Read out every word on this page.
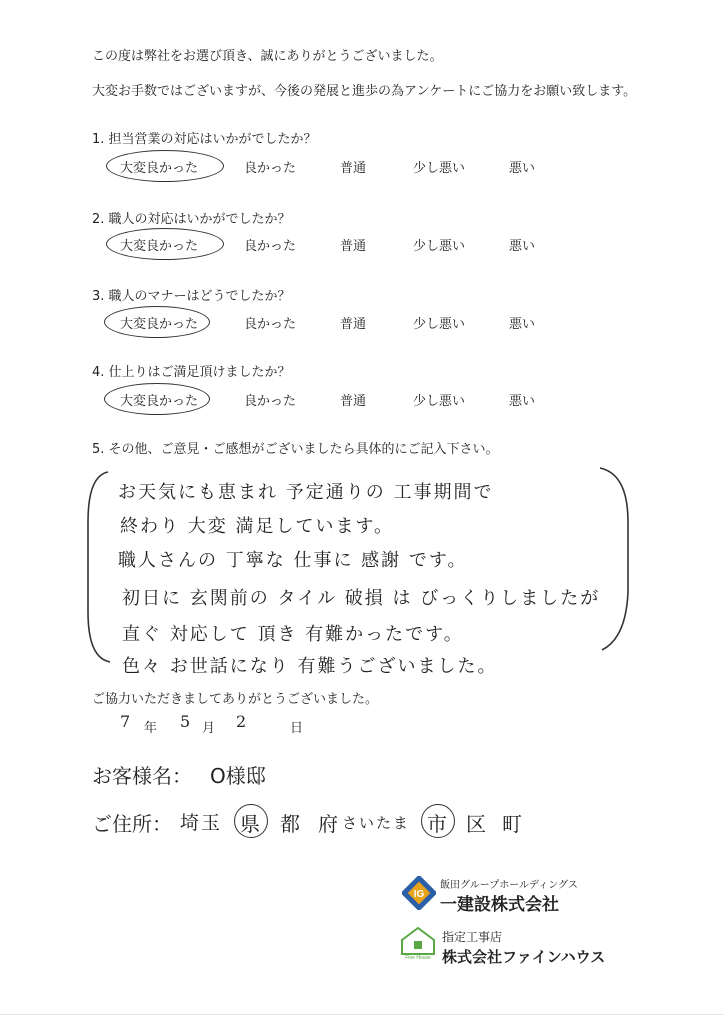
この度は弊社をお選び頂き、誠にありがとうございました。
大変お手数ではございますが、今後の発展と進歩の為アンケートにご協力をお願い致します。
1. 担当営業の対応はいかがでしたか？
大変良かった	良かった	普通	少し悪い	悪い
2. 職人の対応はいかがでしたか？
大変良かった	良かった	普通	少し悪い	悪い
3. 職人のマナーはどうでしたか？
大変良かった	良かった	普通	少し悪い	悪い
4. 仕上りはご満足頂けましたか？
大変良かった	良かった	普通	少し悪い	悪い
5. その他、ご意見・ご感想がございましたら具体的にご記入下さい。
お天気にも恵まれ 予定通りの 工事期間で
終わり 大変 満足しています。
職人さんの 丁寧な 仕事に 感謝 です。
初日に 玄関前の タイル 破損 は びっくりしましたが
直ぐ 対応して 頂き 有難かったです。
色々 お世話になり 有難うございました。
ご協力いただきましてありがとうございました。
7 年 5 月 2	日
お客様名： O様邸
ご住所： 埼玉 県 都 府 さいたま 市 区 町
IG
飯田グループホールディングス
一建設株式会社
Fine House
指定工事店
株式会社ファインハウス
